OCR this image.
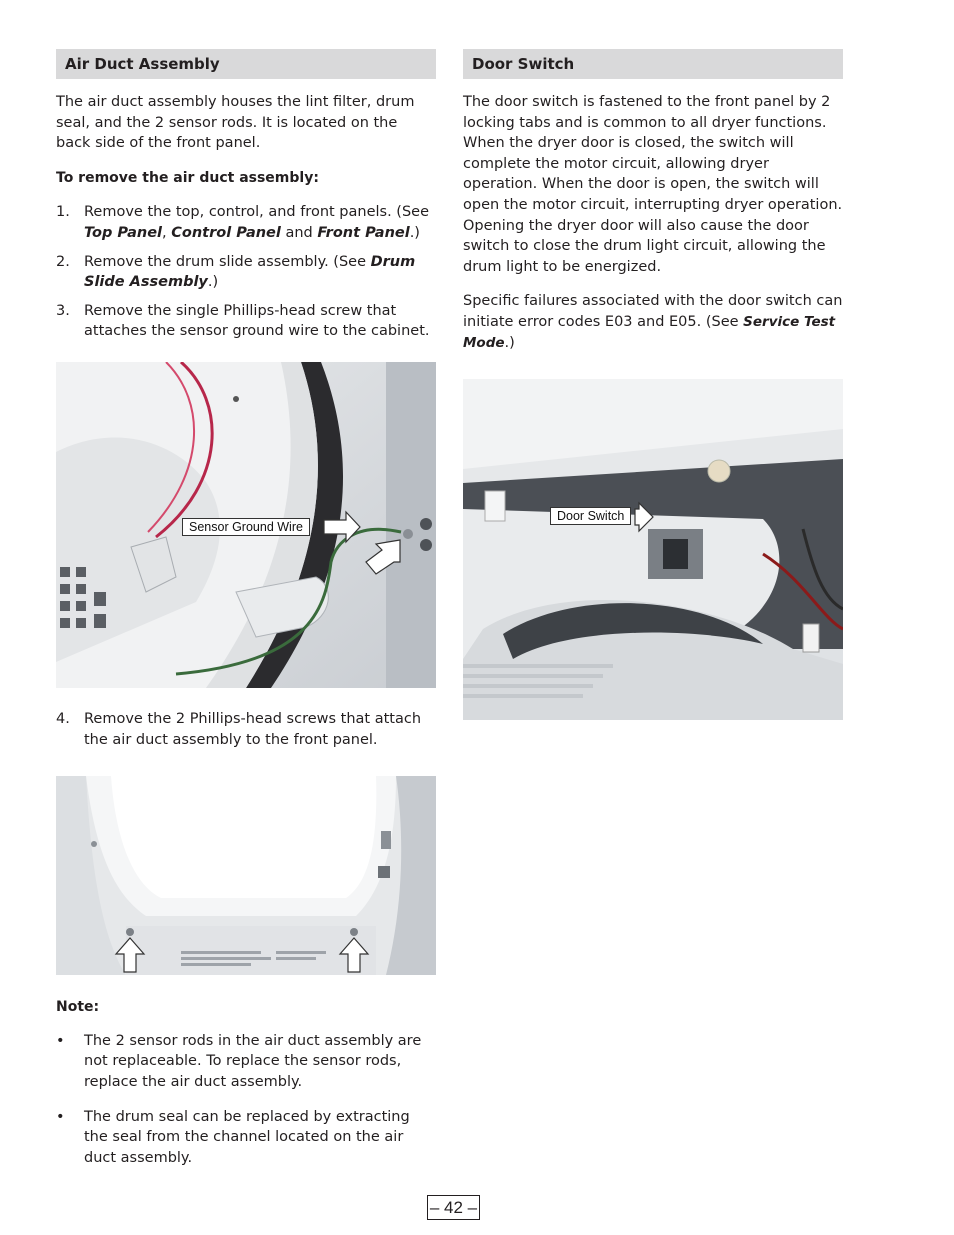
Air Duct Assembly

The air duct assembly houses the lint filter, drum seal, and the 2 sensor rods. It is located on the back side of the front panel.

To remove the air duct assembly:

1. Remove the top, control, and front panels. (See Top Panel, Control Panel and Front Panel.)
2. Remove the drum slide assembly. (See Drum Slide Assembly.)
3. Remove the single Phillips-head screw that attaches the sensor ground wire to the cabinet.
Sensor Ground Wire
4. Remove the 2 Phillips-head screws that attach the air duct assembly to the front panel.

Note:

• The 2 sensor rods in the air duct assembly are not replaceable. To replace the sensor rods, replace the air duct assembly.
• The drum seal can be replaced by extracting the seal from the channel located on the air duct assembly.
Door Switch

The door switch is fastened to the front panel by 2 locking tabs and is common to all dryer functions. When the dryer door is closed, the switch will complete the motor circuit, allowing dryer operation. When the door is open, the switch will open the motor circuit, interrupting dryer operation. Opening the dryer door will also cause the door switch to close the drum light circuit, allowing the drum light to be energized.

Specific failures associated with the door switch can initiate error codes E03 and E05. (See Service Test Mode.)

Door Switch
– 42 –
